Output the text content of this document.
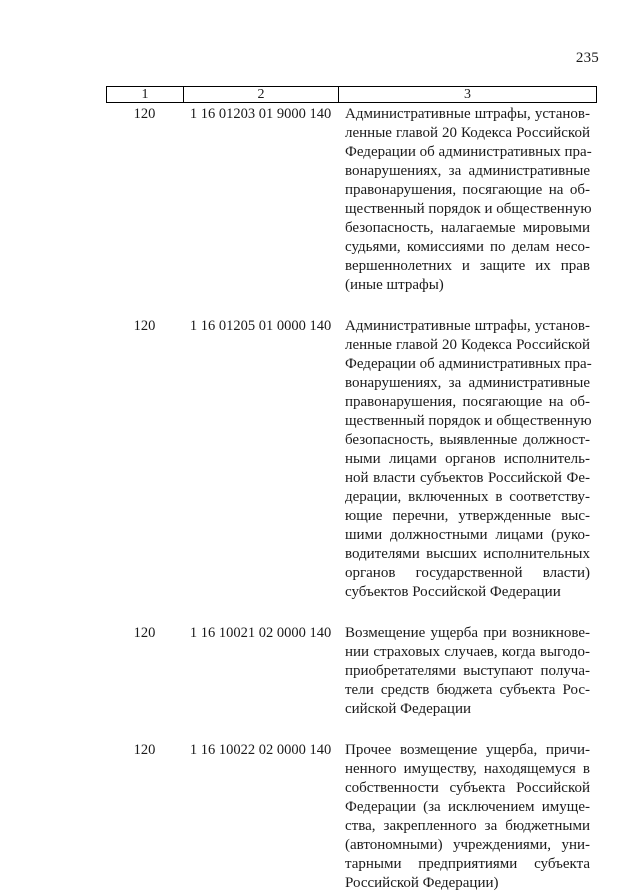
235
1	2	3
120	1 16 01203 01 9000 140 Административные штрафы, установ-
ленные главой 20 Кодекса Российской
Федерации об административных пра-
вонарушениях, за административные
правонарушения, посягающие на об-
щественный порядок и общественную
безопасность, налагаемые мировыми
судьями, комиссиями по делам несо-
вершеннолетних и защите их прав
(иные штрафы)
120	1 16 01205 01 0000 140 Административные штрафы, установ-
ленные главой 20 Кодекса Российской
Федерации об административных пра-
вонарушениях, за административные
правонарушения, посягающие на об-
щественный порядок и общественную
безопасность, выявленные должност-
ными лицами органов исполнитель-
ной власти субъектов Российской Фе-
дерации, включенных в соответству-
ющие перечни, утвержденные выс-
шими должностными лицами (руко-
водителями высших исполнительных
органов государственной власти)
субъектов Российской Федерации
120	1 16 10021 02 0000 140 Возмещение ущерба при возникнове-
нии страховых случаев, когда выгодо-
приобретателями выступают получа-
тели средств бюджета субъекта Рос-
сийской Федерации
120	1 16 10022 02 0000 140 Прочее возмещение ущерба, причи-
ненного имуществу, находящемуся в
собственности субъекта Российской
Федерации (за исключением имуще-
ства, закрепленного за бюджетными
(автономными) учреждениями, уни-
тарными предприятиями субъекта
Российской Федерации)
